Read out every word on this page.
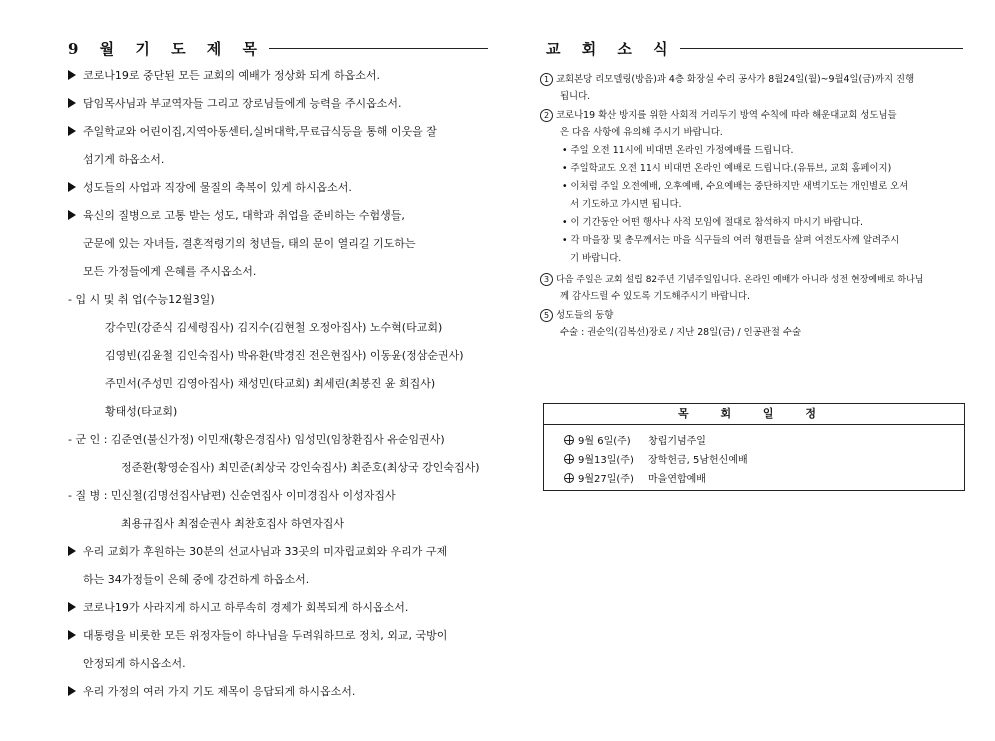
9 월 기 도 제 목
코로나19로 중단된 모든 교회의 예배가 정상화 되게 하옵소서.
담임목사님과 부교역자들 그리고 장로님들에게 능력을 주시옵소서.
주일학교와 어린이집,지역아동센터,실버대학,무료급식등을 통해 이웃을 잘
섬기게 하옵소서.
성도들의 사업과 직장에 물질의 축복이 있게 하시옵소서.
육신의 질병으로 고통 받는 성도, 대학과 취업을 준비하는 수험생들,
군문에 있는 자녀들, 결혼적령기의 청년들, 태의 문이 열리길 기도하는
모든 가정들에게 은혜를 주시옵소서.
- 입 시 및 취 업(수능12월3일)
강수민(강준식 김세령집사) 김지수(김현철 오정아집사) 노수혁(타교회)
김영빈(김윤철 김인숙집사) 박유환(박경진 전은현집사) 이동윤(정삼순권사)
주민서(주성민 김영아집사) 채성민(타교회) 최세린(최봉진 윤 희집사)
황태성(타교회)
- 군 인 : 김준연(불신가정) 이민재(황은경집사) 임성민(임창환집사 유순임권사)
정준환(황영순집사) 최민준(최상국 강인숙집사) 최준호(최상국 강인숙집사)
- 질 병 : 민신철(김명선집사남편) 신순연집사 이미경집사 이성자집사
최용규집사 최점순권사 최찬호집사 하연자집사
우리 교회가 후원하는 30분의 선교사님과 33곳의 미자립교회와 우리가 구제
하는 34가정들이 은혜 중에 강건하게 하옵소서.
코로나19가 사라지게 하시고 하루속히 경제가 회복되게 하시옵소서.
대통령을 비롯한 모든 위정자들이 하나님을 두려워하므로 정치, 외교, 국방이
안정되게 하시옵소서.
우리 가정의 여러 가지 기도 제목이 응답되게 하시옵소서.
교 회 소 식
1 교회본당 리모델링(방음)과 4층 화장실 수리 공사가 8월24일(월)~9월4일(금)까지 진행
됩니다.
2 코로나19 확산 방지를 위한 사회적 거리두기 방역 수칙에 따라 해운대교회 성도님들
은 다음 사항에 유의해 주시기 바랍니다.
• 주일 오전 11시에 비대면 온라인 가정예배를 드립니다.
• 주일학교도 오전 11시 비대면 온라인 예배로 드립니다.(유튜브, 교회 홈페이지)
• 이처럼 주일 오전예배, 오후예배, 수요예배는 중단하지만 새벽기도는 개인별로 오셔
서 기도하고 가시면 됩니다.
• 이 기간동안 어떤 행사나 사적 모임에 절대로 참석하지 마시기 바랍니다.
• 각 마을장 및 총무께서는 마을 식구들의 여러 형편들을 살펴 여전도사께 알려주시
기 바랍니다.
3 다음 주일은 교회 설립 82주년 기념주일입니다. 온라인 예배가 아니라 성전 현장예배로 하나님
께 감사드릴 수 있도록 기도해주시기 바랍니다.
5 성도들의 동향
수술 : 권순익(김복선)장로 / 지난 28일(금) / 인공관절 수술
목 회 일 정
9월 6일(주) 창립기념주일
9월13일(주) 장학헌금, 5남헌신예배
9월27일(주) 마을연합예배
